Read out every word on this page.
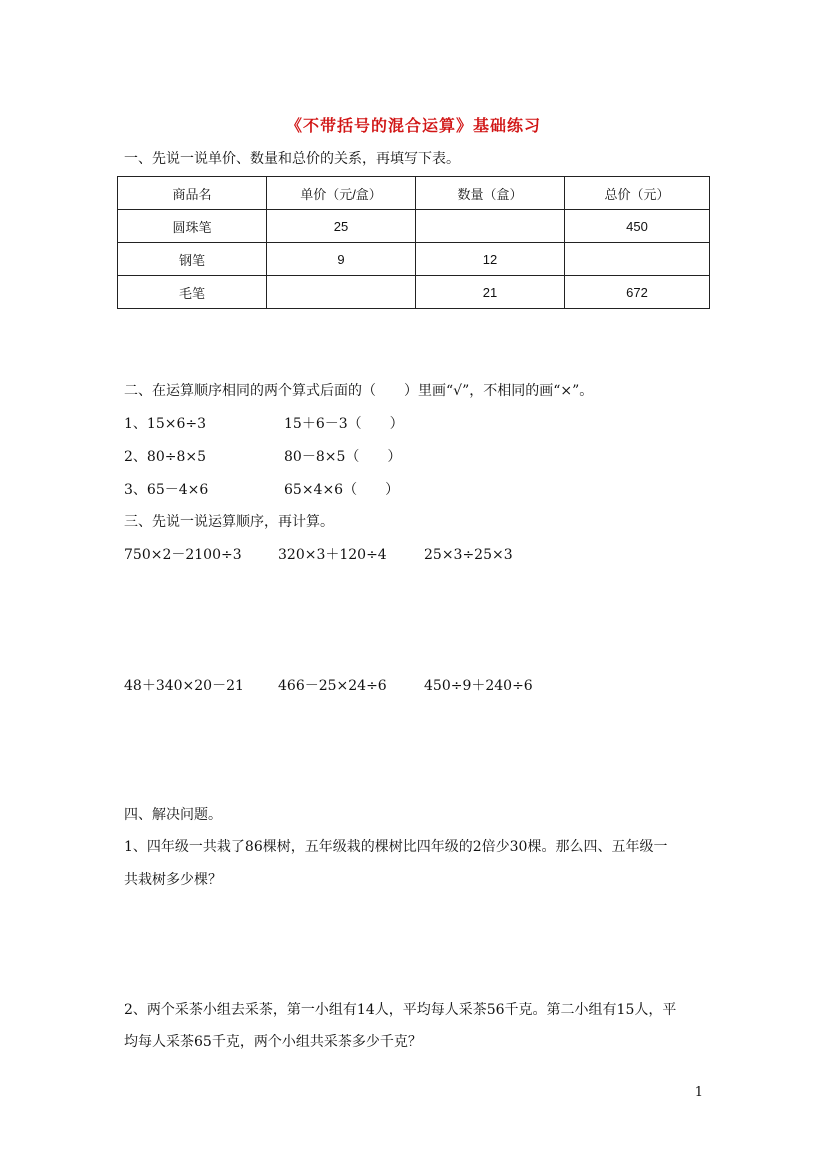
《不带括号的混合运算》基础练习
一、先说一说单价、数量和总价的关系，再填写下表。
商品名	单价（元/盒）	数量（盒）	总价（元）
圆珠笔	25		450
钢笔	9	12	
毛笔		21	672
二、在运算顺序相同的两个算式后面的（　　）里画“√”，不相同的画“×”。
1、15×6÷3	15＋6－3（　　）
2、80÷8×5	80－8×5（　　）
3、65－4×6	65×4×6（　　）
三、先说一说运算顺序，再计算。
750×2－2100÷3	320×3＋120÷4	25×3÷25×3
48＋340×20－21 466－25×24÷6	450÷9＋240÷6
四、解决问题。
1、四年级一共栽了86棵树，五年级栽的棵树比四年级的2倍少30棵。那么四、五年级一
共栽树多少棵？
2、两个采茶小组去采茶，第一小组有14人，平均每人采茶56千克。第二小组有15人，平
均每人采茶65千克，两个小组共采茶多少千克？
1
